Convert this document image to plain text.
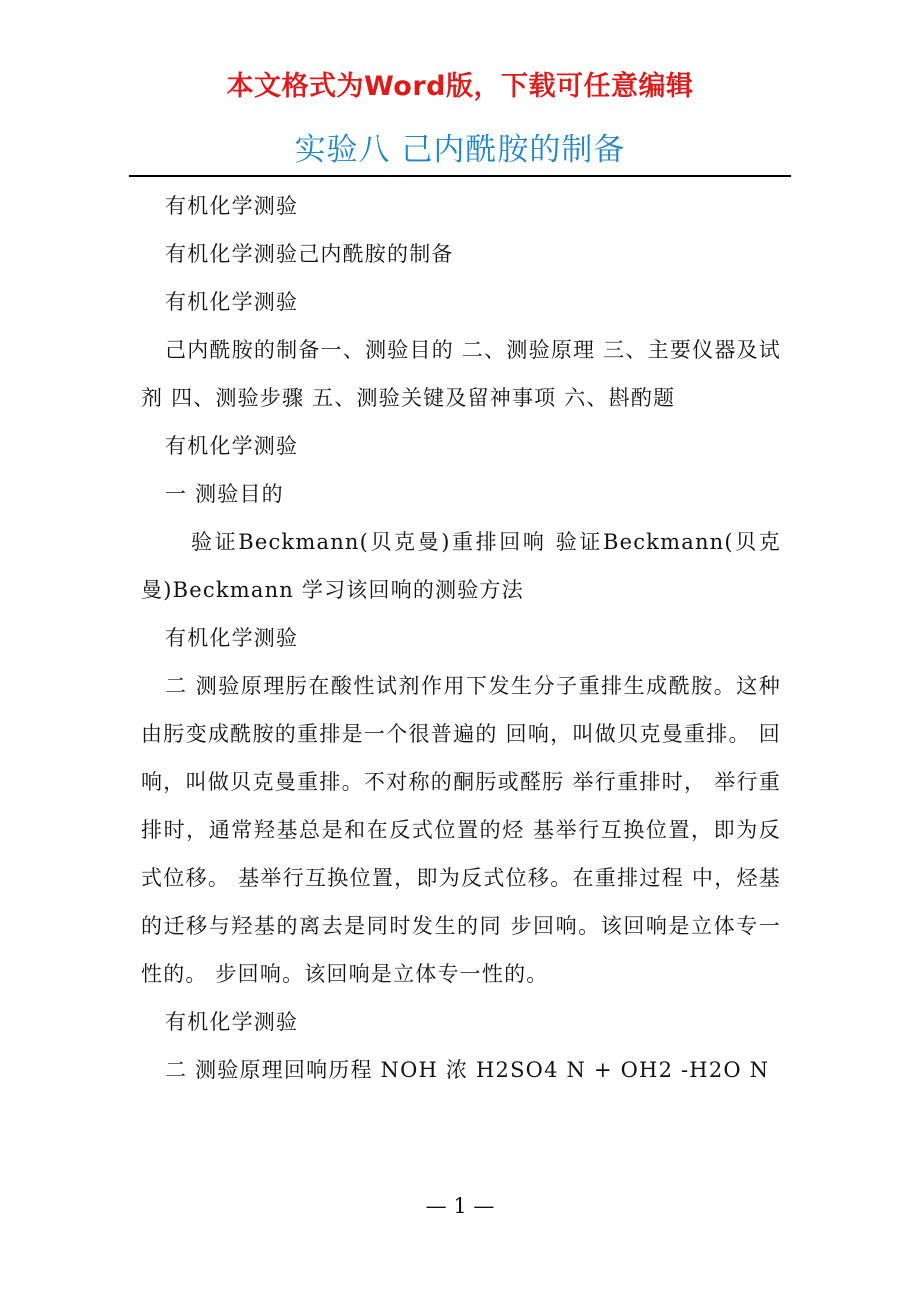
本文格式为Word版，下载可任意编辑
实验八 己内酰胺的制备

有机化学测验

有机化学测验己内酰胺的制备

有机化学测验

己内酰胺的制备一、测验目的 二、测验原理 三、主要仪器及试剂 四、测验步骤 五、测验关键及留神事项 六、斟酌题

有机化学测验

一 测验目的

验证Beckmann(贝克曼)重排回响 验证Beckmann(贝克曼)Beckmann 学习该回响的测验方法

有机化学测验

二 测验原理肟在酸性试剂作用下发生分子重排生成酰胺。这种由肟变成酰胺的重排是一个很普遍的 回响，叫做贝克曼重排。 回响，叫做贝克曼重排。不对称的酮肟或醛肟 举行重排时， 举行重排时，通常羟基总是和在反式位置的烃 基举行互换位置，即为反式位移。 基举行互换位置，即为反式位移。在重排过程 中，烃基的迁移与羟基的离去是同时发生的同 步回响。该回响是立体专一性的。 步回响。该回响是立体专一性的。

有机化学测验

二 测验原理回响历程 NOH 浓 H2SO4 N + OH2 -H2O N

— 1 —
